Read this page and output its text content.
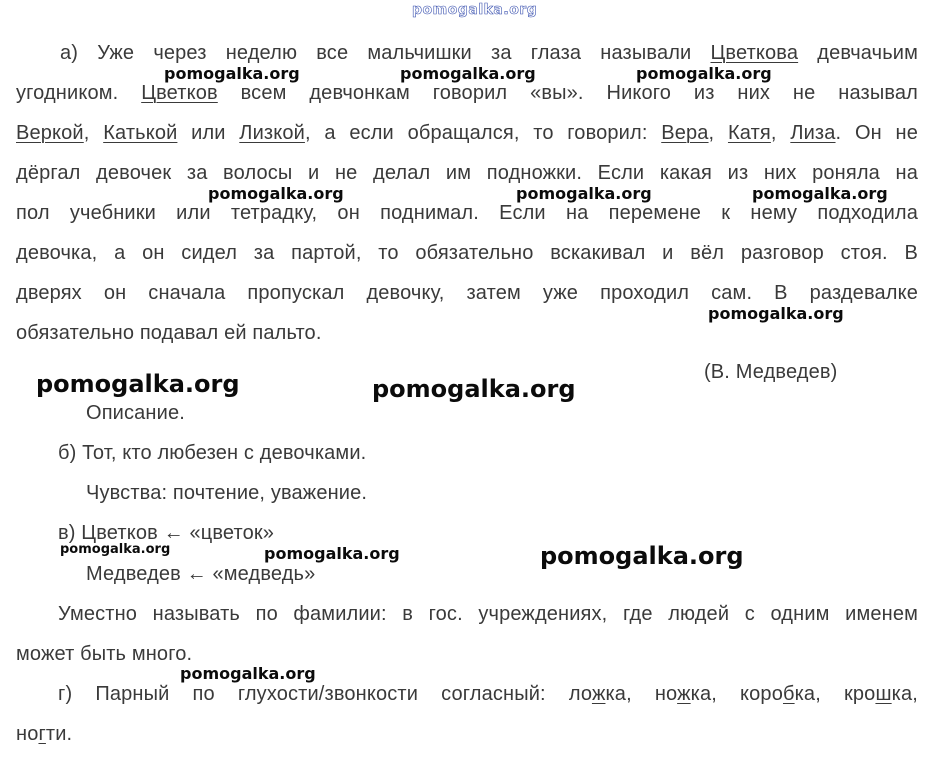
pomogalka.org
а) Уже через неделю все мальчишки за глаза называли Цветкова девчачьим
угодником. Цветков всем девчонкам говорил «вы». Никого из них не называл
Веркой, Катькой или Лизкой, а если обращался, то говорил: Вера, Катя, Лиза. Он не
дёргал девочек за волосы и не делал им подножки. Если какая из них роняла на
пол учебники или тетрадку, он поднимал. Если на перемене к нему подходила
девочка, а он сидел за партой, то обязательно вскакивал и вёл разговор стоя. В
дверях он сначала пропускал девочку, затем уже проходил сам. В раздевалке
обязательно подавал ей пальто.
(В. Медведев)
Описание.
б) Тот, кто любезен с девочками.
Чувства: почтение, уважение.
в) Цветков ← «цветок»
Медведев ← «медведь»
Уместно называть по фамилии: в гос. учреждениях, где людей с одним именем
может быть много.
г) Парный по глухости/звонкости согласный: ложка, ножка, коробка, крошка,
ногти.
pomogalka.org	pomogalka.org	pomogalka.org
pomogalka.org	pomogalka.org	pomogalka.org
pomogalka.org
pomogalka.org	pomogalka.org
pomogalka.org	pomogalka.org	pomogalka.org
pomogalka.org
